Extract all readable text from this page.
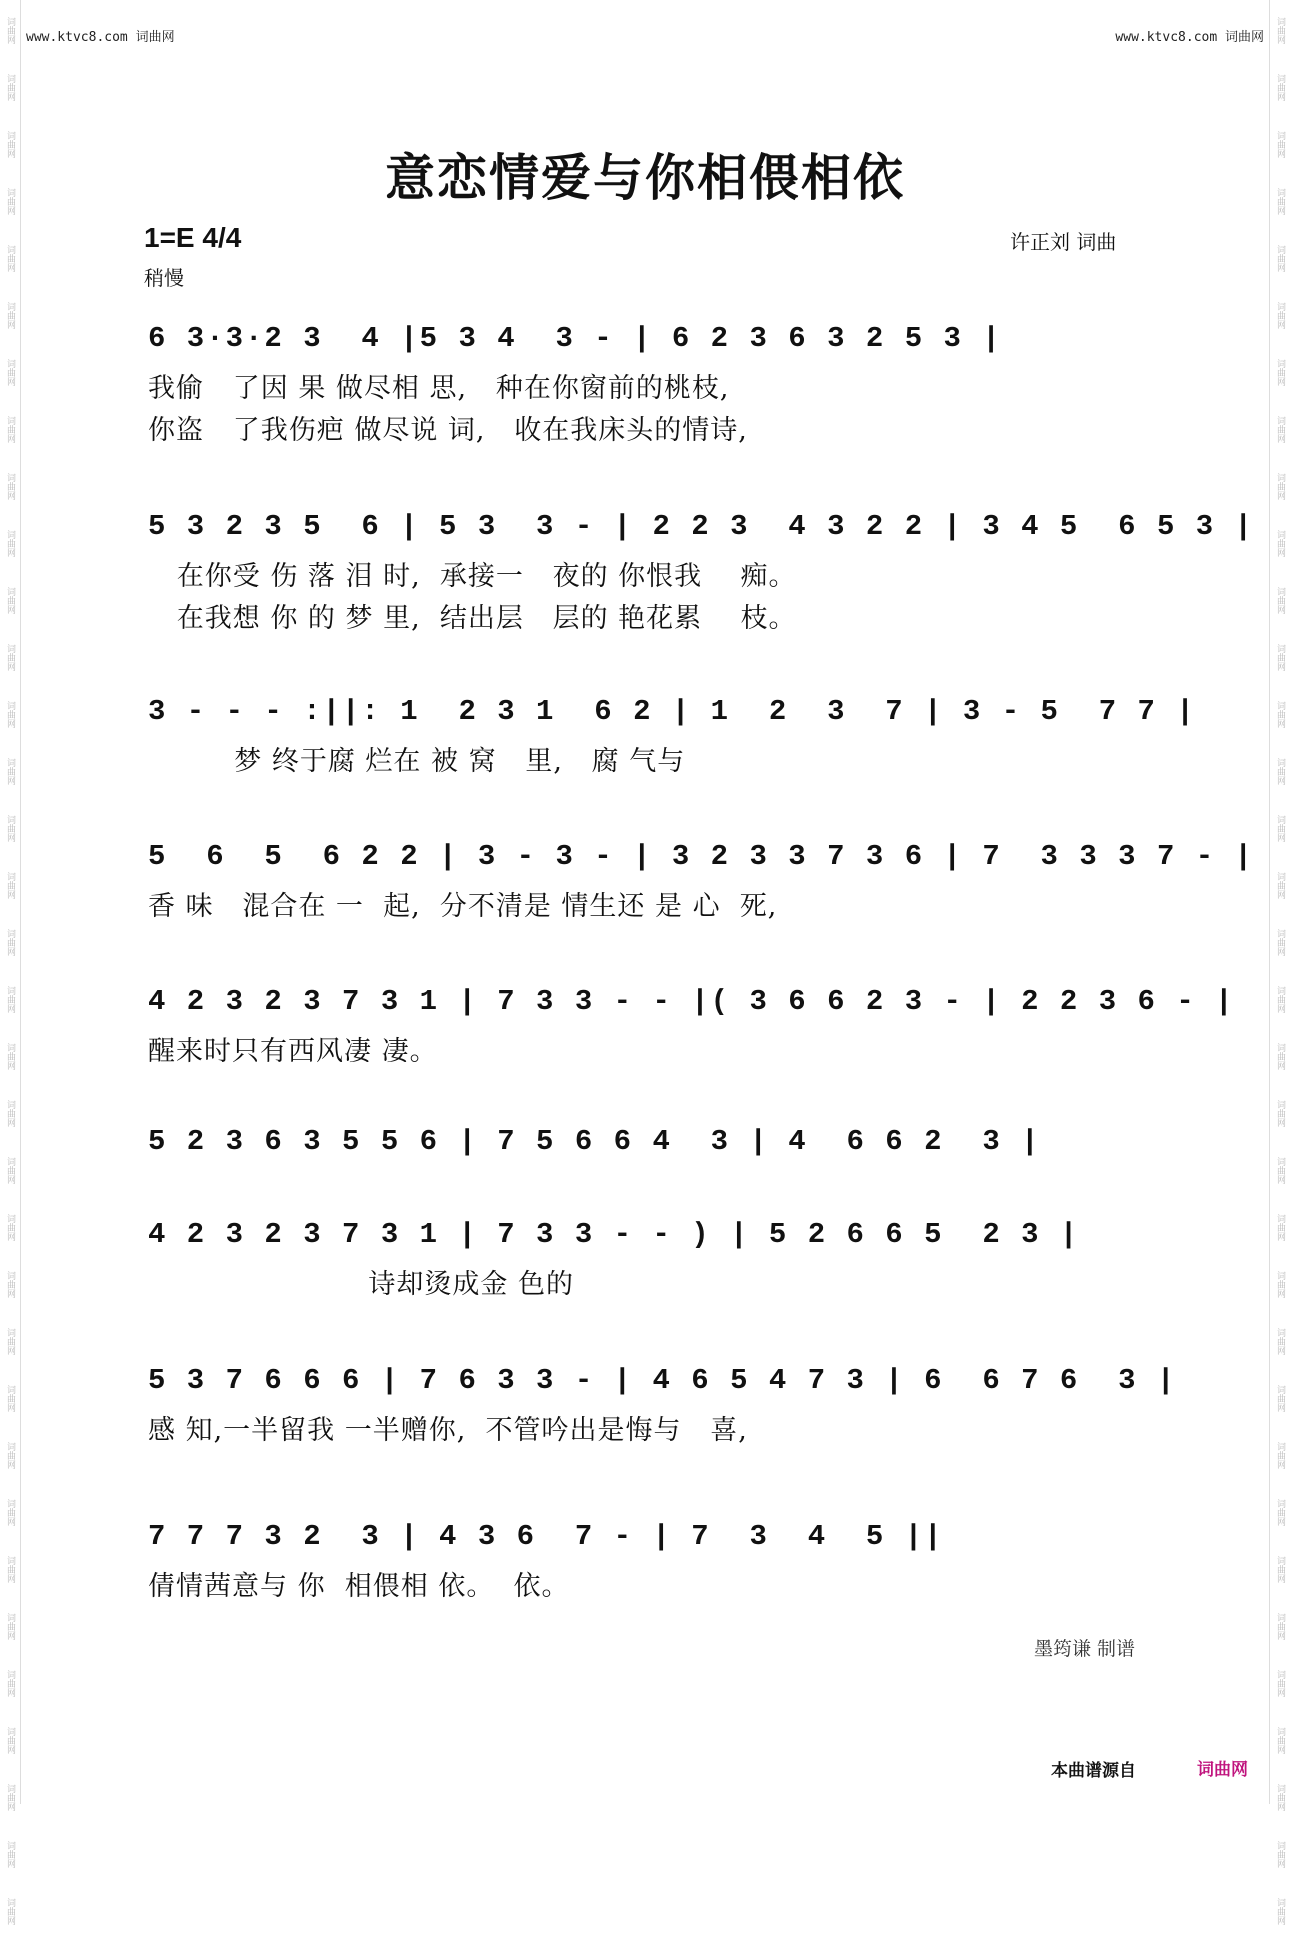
词曲网
词曲网
词曲网
词曲网
词曲网
词曲网
词曲网
词曲网
词曲网
词曲网
词曲网
词曲网
词曲网
词曲网
词曲网
词曲网
词曲网
词曲网
词曲网
词曲网
词曲网
词曲网
词曲网
词曲网
词曲网
词曲网
词曲网
词曲网
词曲网
词曲网
词曲网
词曲网
词曲网
词曲网
词曲网
词曲网
词曲网
词曲网
词曲网
词曲网
词曲网
词曲网
词曲网
词曲网
词曲网
词曲网
词曲网
词曲网
词曲网
词曲网
词曲网
词曲网
词曲网
词曲网
词曲网
词曲网
词曲网
词曲网
词曲网
词曲网
词曲网
词曲网
词曲网
词曲网
词曲网
词曲网
词曲网
词曲网
www.ktvc8.com 词曲网	www.ktvc8.com 词曲网
意恋情爱与你相偎相依
1=E 4/4
稍慢
许正刘 词曲
6 3·3·2 3  4 |5 3 4  3 - | 6 2 3 6 3 2 5 3 |
我偷   了因 果 做尽相 思,   种在你窗前的桃枝,
你盗   了我伤疤 做尽说 词,   收在我床头的情诗,
5 3 2 3 5  6 | 5 3  3 - | 2 2 3  4 3 2 2 | 3 4 5  6 5 3 |
在你受 伤 落 泪 时,  承接一   夜的 你恨我    痴。
在我想 你 的 梦 里,  结出层   层的 艳花累    枝。
3 - - - :||: 1  2 3 1  6 2 | 1  2  3  7 | 3 - 5  7 7 |
梦 终于腐 烂在 被 窝   里,   腐 气与
5  6  5  6 2 2 | 3 - 3 - | 3 2 3 3 7 3 6 | 7  3 3 3 7 - |
香 味   混合在 一  起,  分不清是 情生还 是 心  死,
4 2 3 2 3 7 3 1 | 7 3 3 - - |( 3 6 6 2 3 - | 2 2 3 6 - |
醒来时只有西风凄 凄。
5 2 3 6 3 5 5 6 | 7 5 6 6 4  3 | 4  6 6 2  3 |
4 2 3 2 3 7 3 1 | 7 3 3 - - ) | 5 2 6 6 5  2 3 |
诗却烫成金 色的
5 3 7 6 6 6 | 7 6 3 3 - | 4 6 5 4 7 3 | 6  6 7 6  3 |
感 知,一半留我 一半赠你,  不管吟出是悔与   喜,
7 7 7 3 2  3 | 4 3 6  7 - | 7  3  4  5 ||
倩情茜意与 你  相偎相 依。  依。
墨筠谦 制谱
本曲谱源自	词曲网
